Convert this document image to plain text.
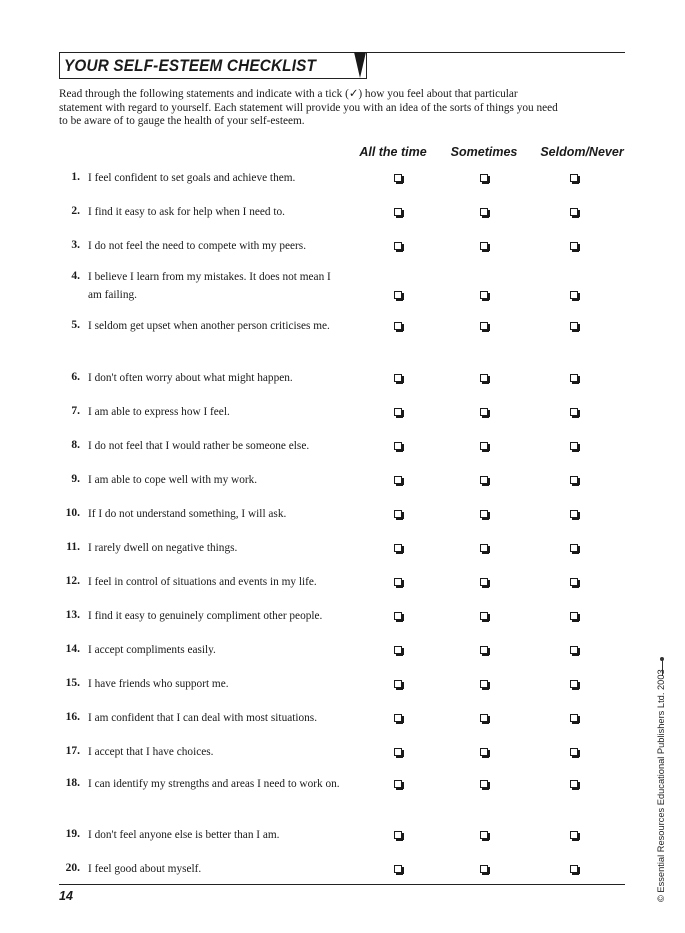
YOUR SELF-ESTEEM CHECKLIST
Read through the following statements and indicate with a tick (✓) how you feel about that particular statement with regard to yourself. Each statement will provide you with an idea of the sorts of things you need to be aware of to gauge the health of your self-esteem.
All the time Sometimes Seldom/Never
1. I feel confident to set goals and achieve them.
2. I find it easy to ask for help when I need to.
3. I do not feel the need to compete with my peers.
4. I believe I learn from my mistakes. It does not mean I am failing.
5. I seldom get upset when another person criticises me.
6. I don't often worry about what might happen.
7. I am able to express how I feel.
8. I do not feel that I would rather be someone else.
9. I am able to cope well with my work.
10. If I do not understand something, I will ask.
11. I rarely dwell on negative things.
12. I feel in control of situations and events in my life.
13. I find it easy to genuinely compliment other people.
14. I accept compliments easily.
15. I have friends who support me.
16. I am confident that I can deal with most situations.
17. I accept that I have choices.
18. I can identify my strengths and areas I need to work on.
19. I don't feel anyone else is better than I am.
20. I feel good about myself.
14	© Essential Resources Educational Publishers Ltd. 2003
